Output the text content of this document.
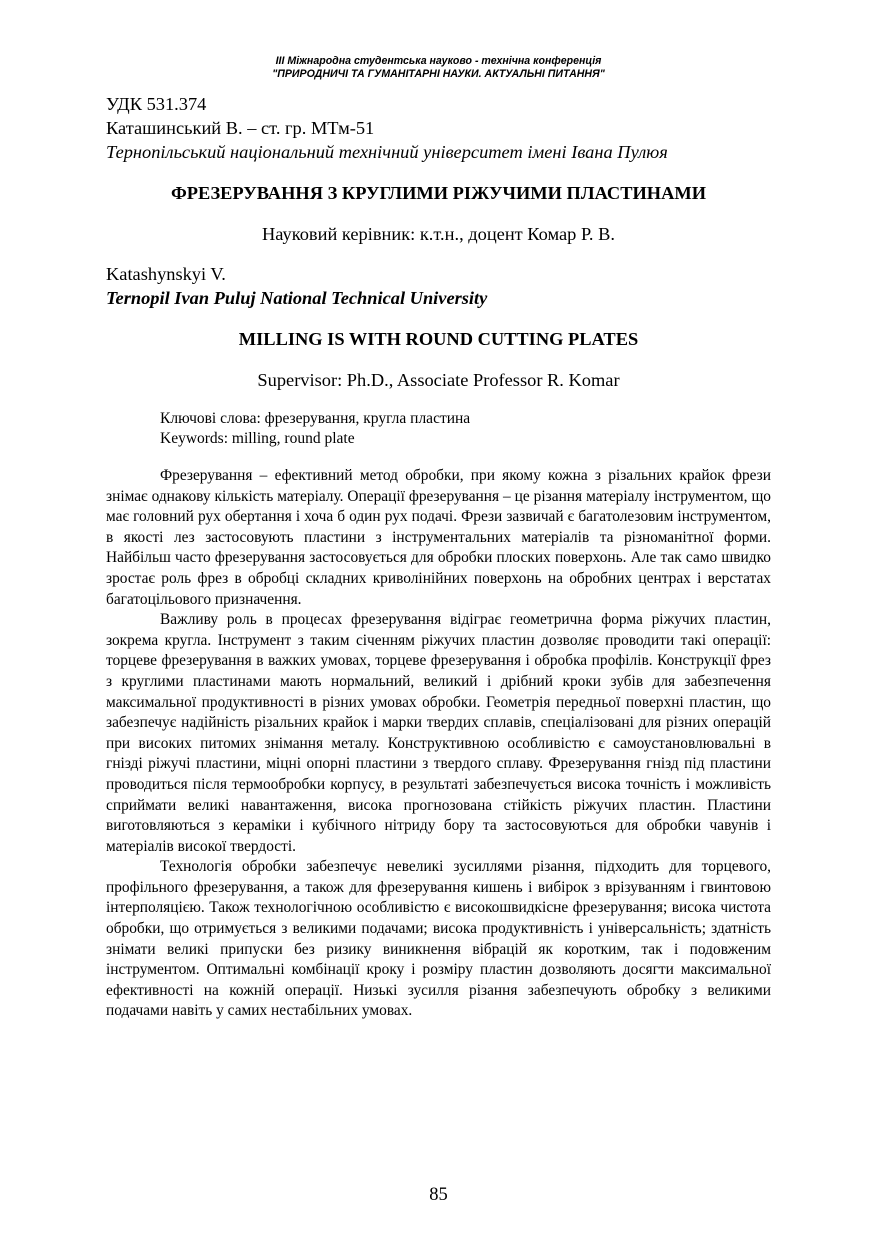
III Міжнародна студентська науково - технічна конференція
"ПРИРОДНИЧІ ТА ГУМАНІТАРНІ НАУКИ. АКТУАЛЬНІ ПИТАННЯ"
УДК 531.374
Каташинський В. – ст. гр. МТм-51
Тернопільський національний технічний університет імені Івана Пулюя
ФРЕЗЕРУВАННЯ З КРУГЛИМИ РІЖУЧИМИ ПЛАСТИНАМИ
Науковий керівник: к.т.н., доцент Комар Р. В.
Katashynskyi V.
Ternopil Ivan Puluj National Technical University
MILLING IS WITH ROUND CUTTING PLATES
Supervisor: Ph.D., Associate Professor R. Komar
Ключові слова: фрезерування, кругла пластина
Keywords: milling, round plate

Фрезерування – ефективний метод обробки, при якому кожна з різальних крайок фрези знімає однакову кількість матеріалу. Операції фрезерування – це різання матеріалу інструментом, що має головний рух обертання і хоча б один рух подачі. Фрези зазвичай є багатолезовим інструментом, в якості лез застосовують пластини з інструментальних матеріалів та різноманітної форми. Найбільш часто фрезерування застосовується для обробки плоских поверхонь. Але так само швидко зростає роль фрез в обробці складних криволінійних поверхонь на обробних центрах і верстатах багатоцільового призначення.

Важливу роль в процесах фрезерування відіграє геометрична форма ріжучих пластин, зокрема кругла. Інструмент з таким січенням ріжучих пластин дозволяє проводити такі операції: торцеве фрезерування в важких умовах, торцеве фрезерування і обробка профілів. Конструкції фрез з круглими пластинами мають нормальний, великий і дрібний кроки зубів для забезпечення максимальної продуктивності в різних умовах обробки. Геометрія передньої поверхні пластин, що забезпечує надійність різальних крайок і марки твердих сплавів, спеціалізовані для різних операцій при високих питомих знімання металу. Конструктивною особливістю є самоустановлювальні в гнізді ріжучі пластини, міцні опорні пластини з твердого сплаву. Фрезерування гнізд під пластини проводиться після термообробки корпусу, в результаті забезпечується висока точність і можливість сприймати великі навантаження, висока прогнозована стійкість ріжучих пластин. Пластини виготовляються з кераміки і кубічного нітриду бору та застосовуються для обробки чавунів і матеріалів високої твердості.

Технологія обробки забезпечує невеликі зусиллями різання, підходить для торцевого, профільного фрезерування, а також для фрезерування кишень і вибірок з врізуванням і гвинтовою інтерполяцією. Також технологічною особливістю є високошвидкісне фрезерування; висока чистота обробки, що отримується з великими подачами; висока продуктивність і універсальність; здатність знімати великі припуски без ризику виникнення вібрацій як коротким, так і подовженим інструментом. Оптимальні комбінації кроку і розміру пластин дозволяють досягти максимальної ефективності на кожній операції. Низькі зусилля різання забезпечують обробку з великими подачами навіть у самих нестабільних умовах.

85
